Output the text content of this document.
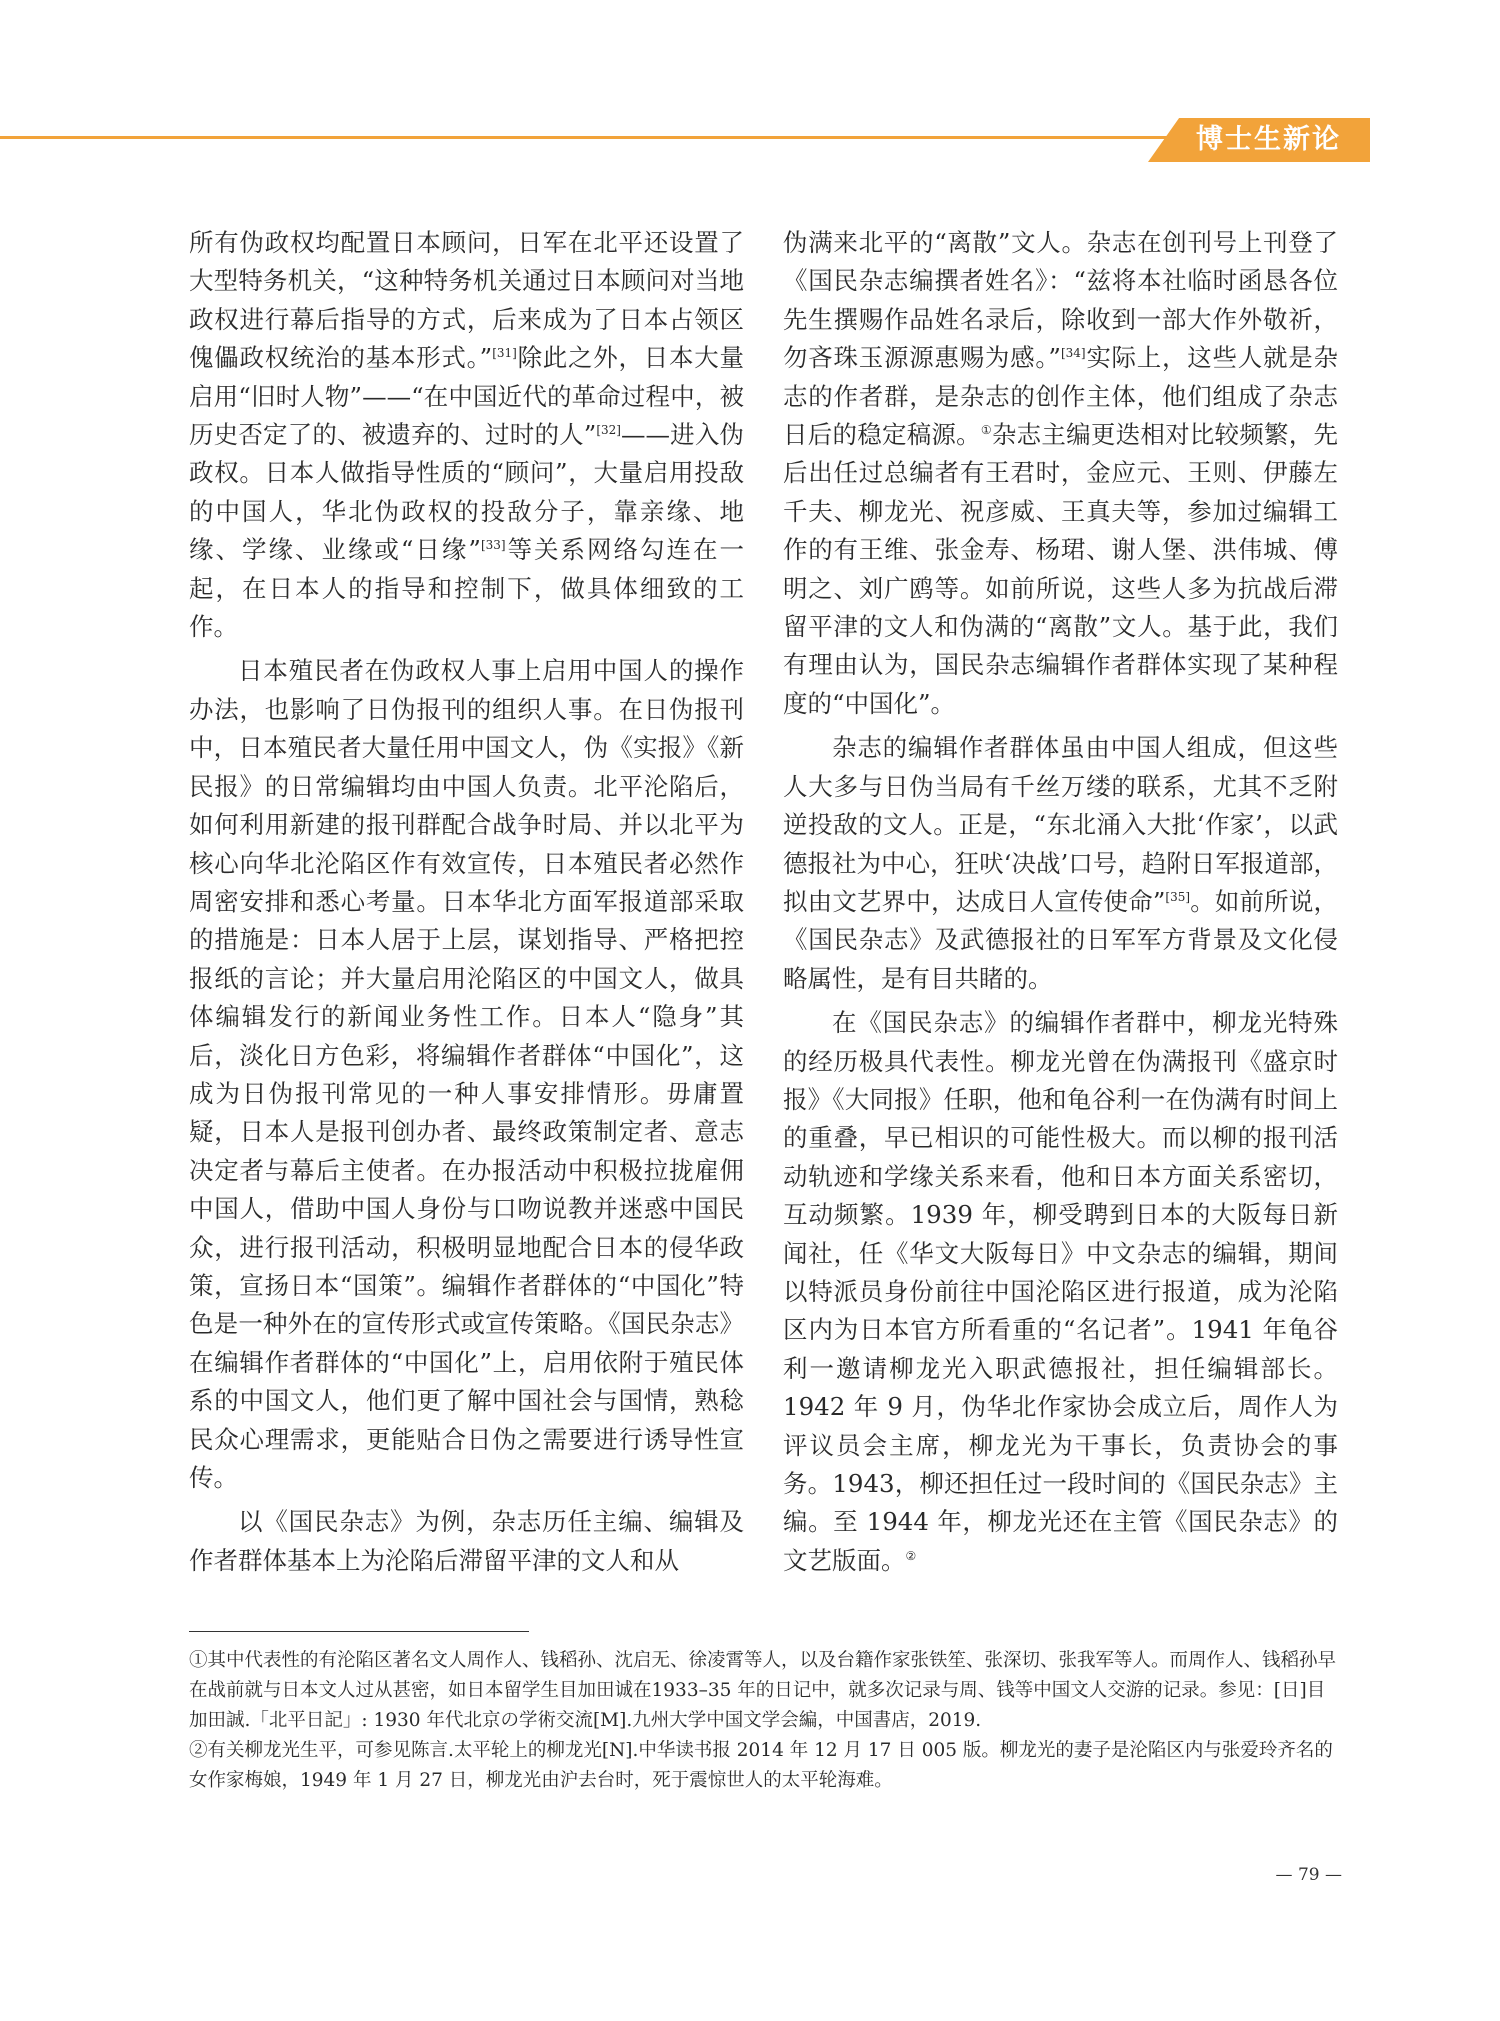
博士生新论

所有伪政权均配置日本顾问，日军在北平还设置了大型特务机关，“这种特务机关通过日本顾问对当地政权进行幕后指导的方式，后来成为了日本占领区傀儡政权统治的基本形式。”[31]除此之外，日本大量启用“旧时人物”——“在中国近代的革命过程中，被历史否定了的、被遗弃的、过时的人”[32]——进入伪政权。日本人做指导性质的“顾问”，大量启用投敌的中国人，华北伪政权的投敌分子，靠亲缘、地缘、学缘、业缘或“日缘”[33]等关系网络勾连在一起，在日本人的指导和控制下，做具体细致的工作。

日本殖民者在伪政权人事上启用中国人的操作办法，也影响了日伪报刊的组织人事。在日伪报刊中，日本殖民者大量任用中国文人，伪《实报》《新民报》的日常编辑均由中国人负责。北平沦陷后，如何利用新建的报刊群配合战争时局、并以北平为核心向华北沦陷区作有效宣传，日本殖民者必然作周密安排和悉心考量。日本华北方面军报道部采取的措施是：日本人居于上层，谋划指导、严格把控报纸的言论；并大量启用沦陷区的中国文人，做具体编辑发行的新闻业务性工作。日本人“隐身”其后，淡化日方色彩，将编辑作者群体“中国化”，这成为日伪报刊常见的一种人事安排情形。毋庸置疑，日本人是报刊创办者、最终政策制定者、意志决定者与幕后主使者。在办报活动中积极拉拢雇佣中国人，借助中国人身份与口吻说教并迷惑中国民众，进行报刊活动，积极明显地配合日本的侵华政策，宣扬日本“国策”。编辑作者群体的“中国化”特色是一种外在的宣传形式或宣传策略。《国民杂志》在编辑作者群体的“中国化”上，启用依附于殖民体系的中国文人，他们更了解中国社会与国情，熟稔民众心理需求，更能贴合日伪之需要进行诱导性宣传。

以《国民杂志》为例，杂志历任主编、编辑及作者群体基本上为沦陷后滞留平津的文人和从

伪满来北平的“离散”文人。杂志在创刊号上刊登了《国民杂志编撰者姓名》：“兹将本社临时函恳各位先生撰赐作品姓名录后，除收到一部大作外敬祈，勿吝珠玉源源惠赐为感。”[34]实际上，这些人就是杂志的作者群，是杂志的创作主体，他们组成了杂志日后的稳定稿源。①杂志主编更迭相对比较频繁，先后出任过总编者有王君时，金应元、王则、伊藤左千夫、柳龙光、祝彦威、王真夫等，参加过编辑工作的有王维、张金寿、杨珺、谢人堡、洪伟城、傅明之、刘广鸥等。如前所说，这些人多为抗战后滞留平津的文人和伪满的“离散”文人。基于此，我们有理由认为，国民杂志编辑作者群体实现了某种程度的“中国化”。

杂志的编辑作者群体虽由中国人组成，但这些人大多与日伪当局有千丝万缕的联系，尤其不乏附逆投敌的文人。正是，“东北涌入大批‘作家’，以武德报社为中心，狂吠‘决战’口号，趋附日军报道部，拟由文艺界中，达成日人宣传使命”[35]。如前所说，《国民杂志》及武德报社的日军军方背景及文化侵略属性，是有目共睹的。

在《国民杂志》的编辑作者群中，柳龙光特殊的经历极具代表性。柳龙光曾在伪满报刊《盛京时报》《大同报》任职，他和龟谷利一在伪满有时间上的重叠，早已相识的可能性极大。而以柳的报刊活动轨迹和学缘关系来看，他和日本方面关系密切，互动频繁。1939 年，柳受聘到日本的大阪每日新闻社，任《华文大阪每日》中文杂志的编辑，期间以特派员身份前往中国沦陷区进行报道，成为沦陷区内为日本官方所看重的“名记者”。1941 年龟谷利一邀请柳龙光入职武德报社，担任编辑部长。1942 年 9 月，伪华北作家协会成立后，周作人为评议员会主席，柳龙光为干事长，负责协会的事务。1943，柳还担任过一段时间的《国民杂志》主编。至 1944 年，柳龙光还在主管《国民杂志》的文艺版面。②

①其中代表性的有沦陷区著名文人周作人、钱稻孙、沈启无、徐凌霄等人，以及台籍作家张铁笙、张深切、张我军等人。而周作人、钱稻孙早在战前就与日本文人过从甚密，如日本留学生目加田诚在1933–35 年的日记中，就多次记录与周、钱等中国文人交游的记录。参见：[日]目加田誠.「北平日記」: 1930 年代北京の学術交流[M].九州大学中国文学会編，中国書店，2019.

②有关柳龙光生平，可参见陈言.太平轮上的柳龙光[N].中华读书报 2014 年 12 月 17 日 005 版。柳龙光的妻子是沦陷区内与张爱玲齐名的女作家梅娘，1949 年 1 月 27 日，柳龙光由沪去台时，死于震惊世人的太平轮海难。

— 79 —
